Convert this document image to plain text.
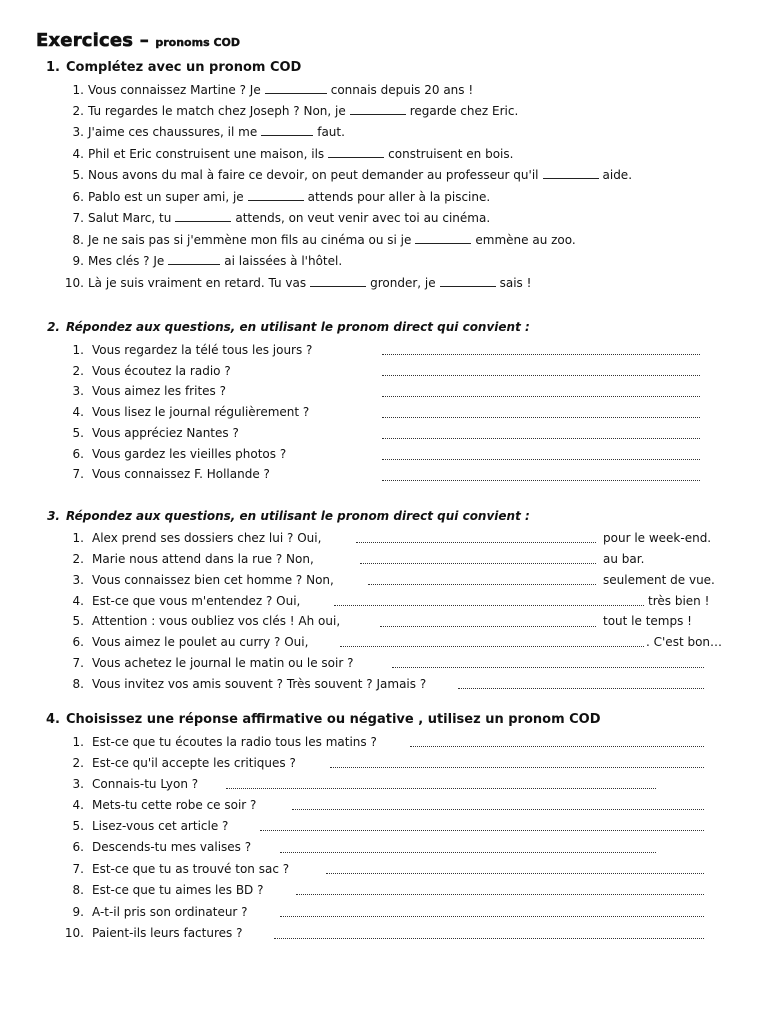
Exercices – pronoms COD
1. Complétez avec un pronom COD
1. Vous connaissez Martine ? Je	connais depuis 20 ans !
2. Tu regardes le match chez Joseph ? Non, je	regarde chez Eric.
3. J'aime ces chaussures, il me	faut.
4. Phil et Eric construisent une maison, ils	construisent en bois.
5. Nous avons du mal à faire ce devoir, on peut demander au professeur qu'il	aide.
6. Pablo est un super ami, je	attends pour aller à la piscine.
7. Salut Marc, tu	attends, on veut venir avec toi au cinéma.
8. Je ne sais pas si j'emmène mon fils au cinéma ou si je	emmène au zoo.
9. Mes clés ? Je	ai laissées à l'hôtel.
10. Là je suis vraiment en retard. Tu vas	gronder, je	sais !
2. Répondez aux questions, en utilisant le pronom direct qui convient :
1. Vous regardez la télé tous les jours ?
2. Vous écoutez la radio ?
3. Vous aimez les frites ?
4. Vous lisez le journal régulièrement ?
5. Vous appréciez Nantes ?
6. Vous gardez les vieilles photos ?
7. Vous connaissez F. Hollande ?
3. Répondez aux questions, en utilisant le pronom direct qui convient :
1. Alex prend ses dossiers chez lui ? Oui,	pour le week-end.
2. Marie nous attend dans la rue ? Non,	au bar.
3. Vous connaissez bien cet homme ? Non,	seulement de vue.
4. Est-ce que vous m'entendez ? Oui,	très bien !
5. Attention : vous oubliez vos clés ! Ah oui,	tout le temps !
6. Vous aimez le poulet au curry ? Oui,	. C'est bon…
7. Vous achetez le journal le matin ou le soir ?
8. Vous invitez vos amis souvent ? Très souvent ? Jamais ?
4. Choisissez une réponse affirmative ou négative , utilisez un pronom COD
1. Est-ce que tu écoutes la radio tous les matins ?
2. Est-ce qu'il accepte les critiques ?
3. Connais-tu Lyon ?
4. Mets-tu cette robe ce soir ?
5. Lisez-vous cet article ?
6. Descends-tu mes valises ?
7. Est-ce que tu as trouvé ton sac ?
8. Est-ce que tu aimes les BD ?
9. A-t-il pris son ordinateur ?
10. Paient-ils leurs factures ?
